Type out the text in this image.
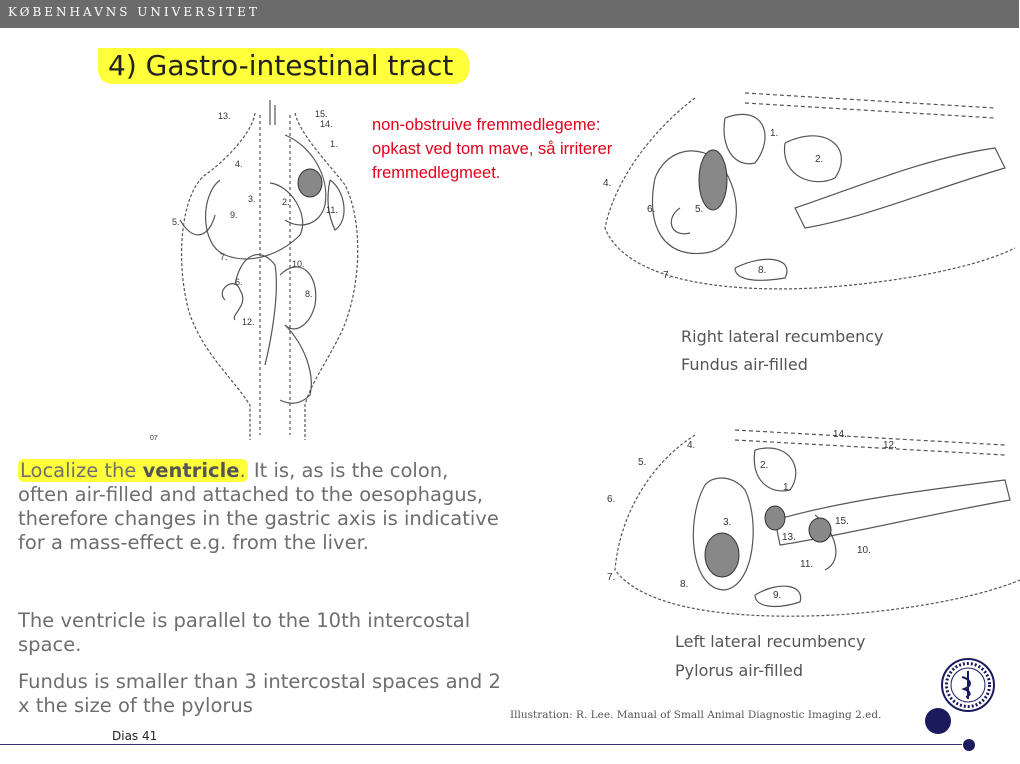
KØBENHAVNS UNIVERSITET
4) Gastro-intestinal tract
13.	15.
14.
1.
4.
3.	2.
11.
9.
5.
7.
10.
6.
8.
12.
07
non-obstruive fremmedlegeme:
opkast ved tom mave, så irriterer
fremmedlegmeet.
1.
2.
4.
5.
6.
7.	8.
Right lateral recumbency
Fundus air-filled
1.
2.
3.
4.
5.
6.
7.
8.
9.
10.
11.
12.
13.
14.
15.
Left lateral recumbency
Pylorus air-filled
Localize the ventricle. It is, as is the colon,
often air-filled and attached to the oesophagus,
therefore changes in the gastric axis is indicative
for a mass-effect e.g. from the liver.
The ventricle is parallel to the 10th intercostal
space.
Fundus is smaller than 3 intercostal spaces and 2
x the size of the pylorus	Illustration: R. Lee. Manual of Small Animal Diagnostic Imaging 2.ed.
Dias 41
